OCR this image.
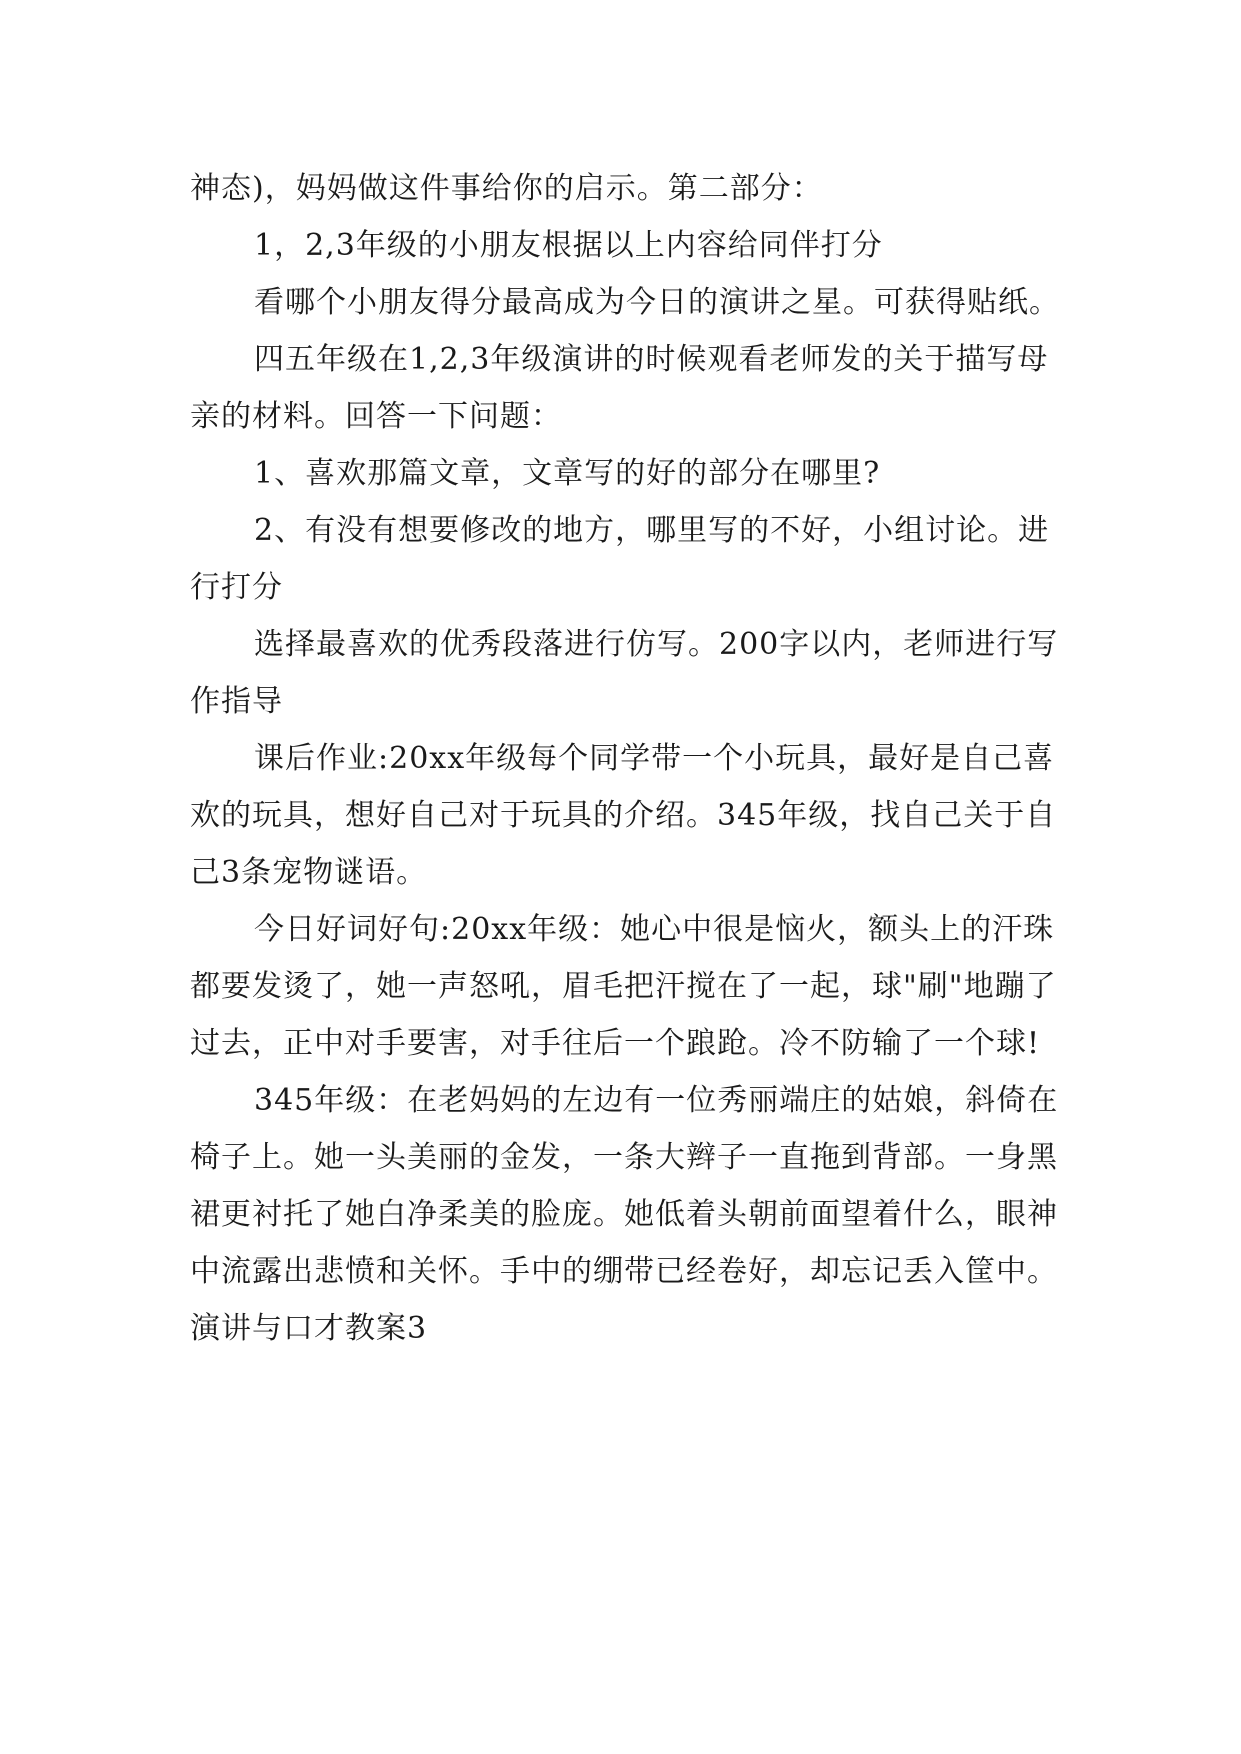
神态)，妈妈做这件事给你的启示。第二部分：

1，2,3年级的小朋友根据以上内容给同伴打分

看哪个小朋友得分最高成为今日的演讲之星。可获得贴纸。

四五年级在1,2,3年级演讲的时候观看老师发的关于描写母亲的材料。回答一下问题：

1、喜欢那篇文章，文章写的好的部分在哪里?

2、有没有想要修改的地方，哪里写的不好，小组讨论。进行打分

选择最喜欢的优秀段落进行仿写。200字以内，老师进行写作指导

课后作业:20xx年级每个同学带一个小玩具，最好是自己喜欢的玩具，想好自己对于玩具的介绍。345年级，找自己关于自己3条宠物谜语。

今日好词好句:20xx年级：她心中很是恼火，额头上的汗珠都要发烫了，她一声怒吼，眉毛把汗搅在了一起，球"刷"地蹦了过去，正中对手要害，对手往后一个踉跄。冷不防输了一个球!

345年级：在老妈妈的左边有一位秀丽端庄的姑娘，斜倚在椅子上。她一头美丽的金发，一条大辫子一直拖到背部。一身黑裙更衬托了她白净柔美的脸庞。她低着头朝前面望着什么，眼神中流露出悲愤和关怀。手中的绷带已经卷好，却忘记丢入筐中。

演讲与口才教案3
